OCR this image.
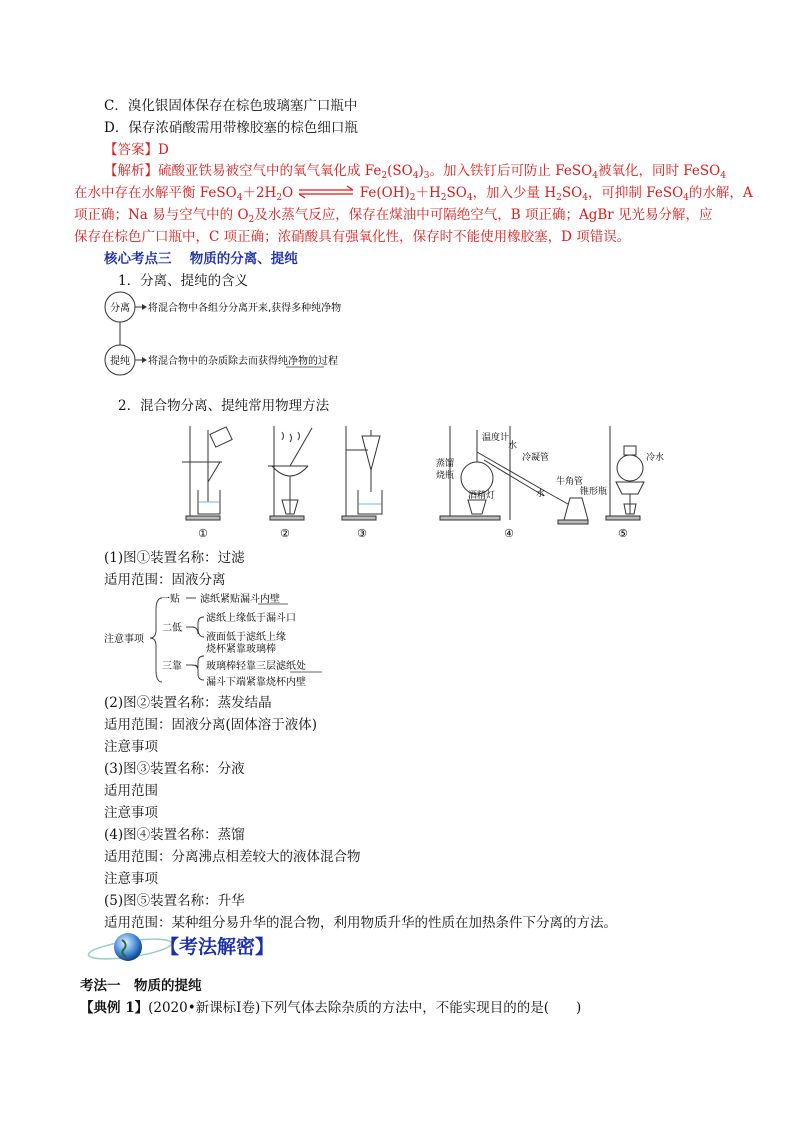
C．溴化银固体保存在棕色玻璃塞广口瓶中
D．保存浓硝酸需用带橡胶塞的棕色细口瓶
【答案】D
【解析】硫酸亚铁易被空气中的氧气氧化成 $Fe_2(SO_4)_3$。加入铁钉后可防止 FeSO$_4$被氧化，同时 FeSO$_4$
在水中存在水解平衡 $FeSO_4+2H_2O$	$Fe(OH)_2+H_2SO_4$，加入少量 $H_2SO_4$，可抑制 FeSO$_4$的水解，A
项正确；Na 易与空气中的 $O_2$及水蒸气反应，保存在煤油中可隔绝空气，B 项正确；AgBr 见光易分解，应
保存在棕色广口瓶中，C 项正确；浓硝酸具有强氧化性，保存时不能使用橡胶塞，D 项错误。
核心考点三　 物质的分离、提纯
1．分离、提纯的含义
分离 将混合物中各组分分离开来,获得多种纯净物
提纯 将混合物中的杂质除去而获得纯净物的过程
2．混合物分离、提纯常用物理方法
温度计
水
冷凝管
蒸馏
烧瓶
酒精灯
牛角管
水	锥形瓶
冷水
①	②	③	④	⑤
(1)图①装置名称：过滤
适用范围：固液分离
注意事项
一贴 滤纸紧贴漏斗内壁
二低
滤纸上缘低于漏斗口
液面低于滤纸上缘
三靠
烧杯紧靠玻璃棒
玻璃棒轻靠三层滤纸处
漏斗下端紧靠烧杯内壁
(2)图②装置名称：蒸发结晶
适用范围：固液分离(固体溶于液体)
注意事项
(3)图③装置名称：分液
适用范围
注意事项
(4)图④装置名称：蒸馏
适用范围：分离沸点相差较大的液体混合物
注意事项
(5)图⑤装置名称：升华
适用范围：某种组分易升华的混合物，利用物质升华的性质在加热条件下分离的方法。
【考法解密】
考法一　物质的提纯
【典例 1】(2020•新课标Ⅰ卷)下列气体去除杂质的方法中，不能实现目的的是(　　)
